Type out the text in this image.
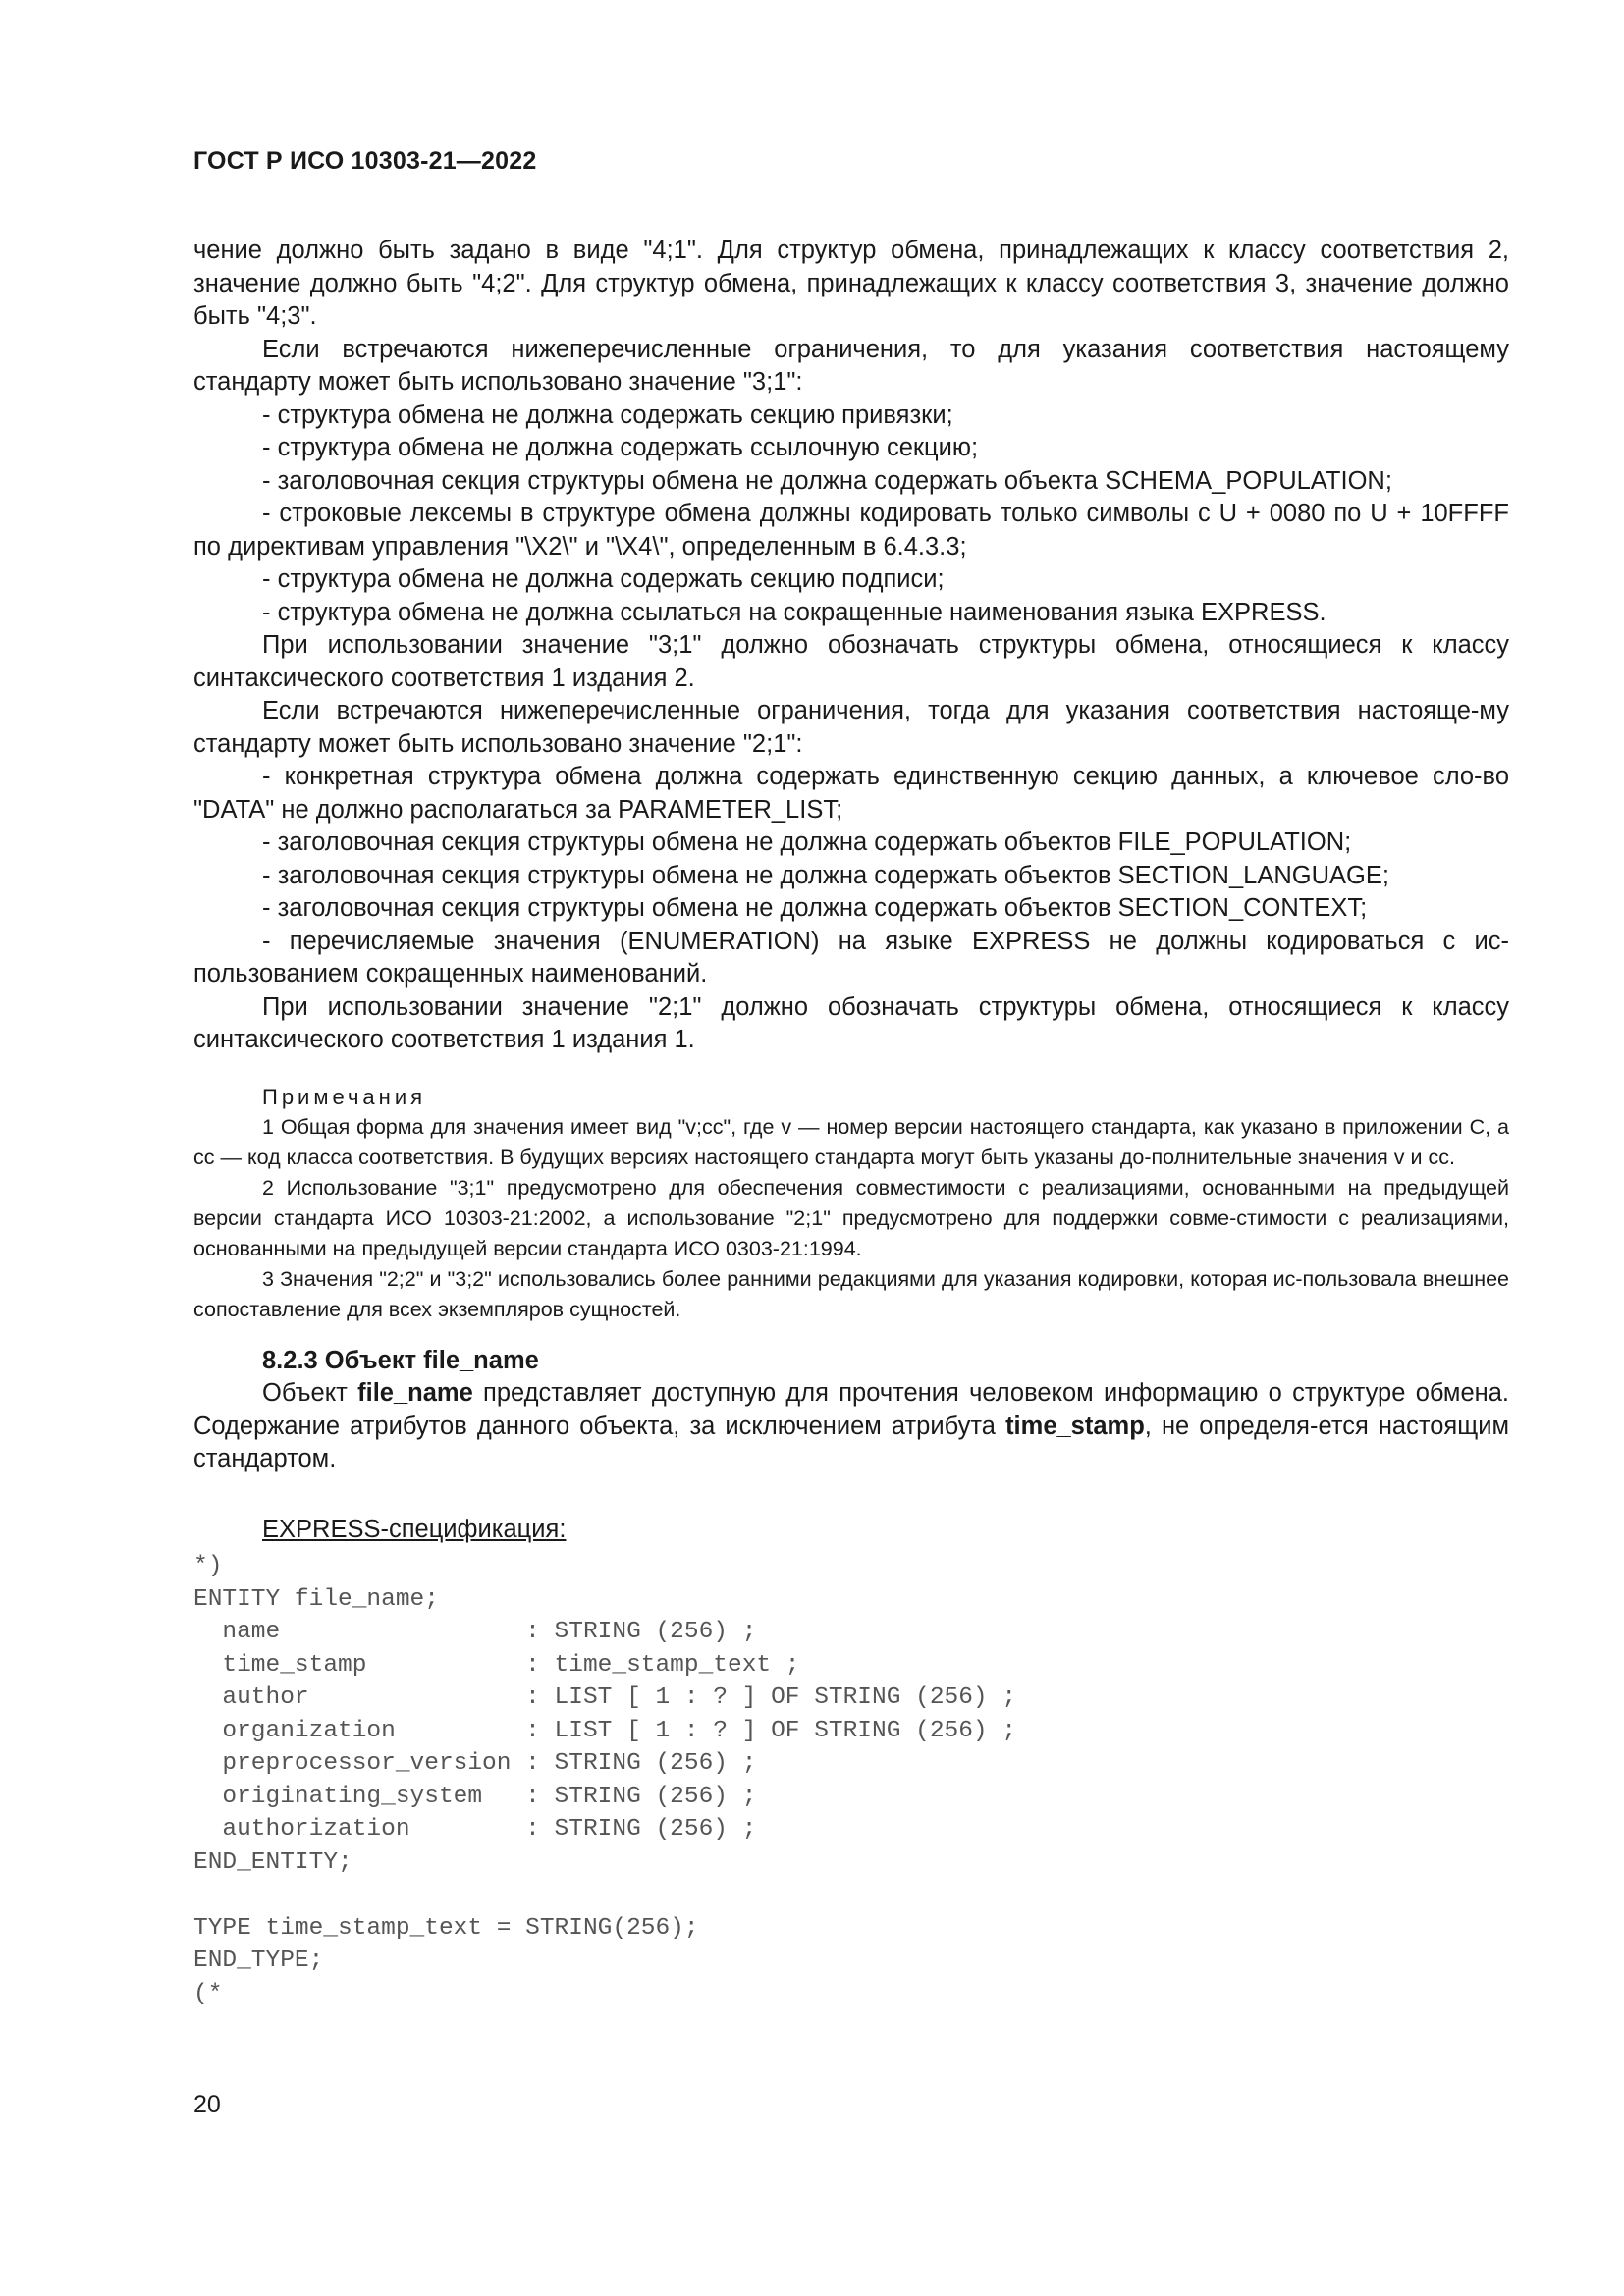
ГОСТ Р ИСО 10303-21—2022

чение должно быть задано в виде "4;1". Для структур обмена, принадлежащих к классу соответствия 2, значение должно быть "4;2". Для структур обмена, принадлежащих к классу соответствия 3, значение должно быть "4;3".

Если встречаются нижеперечисленные ограничения, то для указания соответствия настоящему стандарту может быть использовано значение "3;1":

- структура обмена не должна содержать секцию привязки;

- структура обмена не должна содержать ссылочную секцию;

- заголовочная секция структуры обмена не должна содержать объекта SCHEMA_POPULATION;

- строковые лексемы в структуре обмена должны кодировать только символы с U + 0080 по U + 10FFFF по директивам управления "\X2\" и "\X4\", определенным в 6.4.3.3;

- структура обмена не должна содержать секцию подписи;

- структура обмена не должна ссылаться на сокращенные наименования языка EXPRESS.

При использовании значение "3;1" должно обозначать структуры обмена, относящиеся к классу синтаксического соответствия 1 издания 2.

Если встречаются нижеперечисленные ограничения, тогда для указания соответствия настояще-му стандарту может быть использовано значение "2;1":

- конкретная структура обмена должна содержать единственную секцию данных, а ключевое сло-во "DATA" не должно располагаться за PARAMETER_LIST;

- заголовочная секция структуры обмена не должна содержать объектов FILE_POPULATION;

- заголовочная секция структуры обмена не должна содержать объектов SECTION_LANGUAGE;

- заголовочная секция структуры обмена не должна содержать объектов SECTION_CONTEXT;

- перечисляемые значения (ENUMERATION) на языке EXPRESS не должны кодироваться с ис-пользованием сокращенных наименований.

При использовании значение "2;1" должно обозначать структуры обмена, относящиеся к классу синтаксического соответствия 1 издания 1.

Примечания

1 Общая форма для значения имеет вид "v;cc", где v — номер версии настоящего стандарта, как указано в приложении С, а cc — код класса соответствия. В будущих версиях настоящего стандарта могут быть указаны до-полнительные значения v и cc.

2 Использование "3;1" предусмотрено для обеспечения совместимости с реализациями, основанными на предыдущей версии стандарта ИСО 10303-21:2002, а использование "2;1" предусмотрено для поддержки совме-стимости с реализациями, основанными на предыдущей версии стандарта ИСО 0303-21:1994.

3 Значения "2;2" и "3;2" использовались более ранними редакциями для указания кодировки, которая ис-пользовала внешнее сопоставление для всех экземпляров сущностей.

8.2.3 Объект file_name

Объект file_name представляет доступную для прочтения человеком информацию о структуре обмена. Содержание атрибутов данного объекта, за исключением атрибута time_stamp, не определя-ется настоящим стандартом.

EXPRESS-спецификация:
*)
ENTITY file_name;
name                 : STRING (256) ;
time_stamp           : time_stamp_text ;
author               : LIST [ 1 : ? ] OF STRING (256) ;
organization         : LIST [ 1 : ? ] OF STRING (256) ;
preprocessor_version : STRING (256) ;
originating_system   : STRING (256) ;
authorization        : STRING (256) ;
END_ENTITY;
TYPE time_stamp_text = STRING(256);
END_TYPE;
(*
20
